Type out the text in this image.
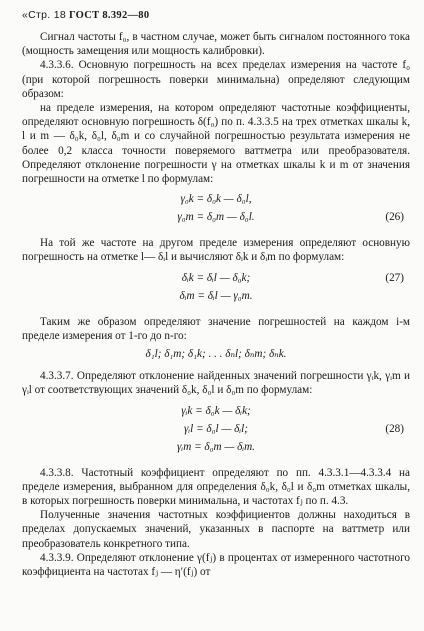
«Стр. 18 ГОСТ 8.392—80

Сигнал частоты f₀, в частном случае, может быть сигналом постоянного тока (мощность замещения или мощность калибровки).

4.3.3.6. Основную погрешность на всех пределах измерения на частоте f₀ (при которой погрешность поверки минимальна) определяют следующим образом:

на пределе измерения, на котором определяют частотные коэффициенты, определяют основную погрешность δ(f₀) по п. 4.3.3.5 на трех отметках шкалы k, l и m — δ₀k, δ₀l, δ₀m и со случайной погрешностью результата измерения не более 0,2 класса точности поверяемого ваттметра или преобразователя. Определяют отклонение погрешности γ на отметках шкалы k и m от значения погрешности на отметке l по формулам:

γ₀k = δ₀k — δ₀l,
γ₀m = δ₀m — δ₀l.	(26)

На той же частоте на другом пределе измерения определяют основную погрешность на отметке l— δᵢl и вычисляют δᵢk и δᵢm по формулам:

δᵢk = δᵢl — δ₀k;	(27)
δᵢm = δᵢl — γ₀m.

Таким же образом определяют значение погрешностей на каждом i-м пределе измерения от 1-го до n-го:

δ₁l; δ₁m; δ₁k; . . . δₙl; δₙm; δₙk.

4.3.3.7. Определяют отклонение найденных значений погрешности γᵢk, γᵢm и γᵢl от соответствующих значений δ₀k, δ₀l и δ₀m по формулам:

γᵢk = δ₀k — δᵢk;
γᵢl = δ₀l — δᵢl;	(28)
γᵢm = δ₀m — δᵢm.

4.3.3.8. Частотный коэффициент определяют по пп. 4.3.3.1—4.3.3.4 на пределе измерения, выбранном для определения δ₀k, δ₀l и δ₀m отметках шкалы, в которых погрешность поверки минимальна, и частотах fⱼ по п. 4.3.

Полученные значения частотных коэффициентов должны находиться в пределах допускаемых значений, указанных в паспорте на ваттметр или преобразователь конкретного типа.

4.3.3.9. Определяют отклонение γ(fⱼ) в процентах от измеренного частотного коэффициента на частотах fⱼ — η′(fⱼ) от
